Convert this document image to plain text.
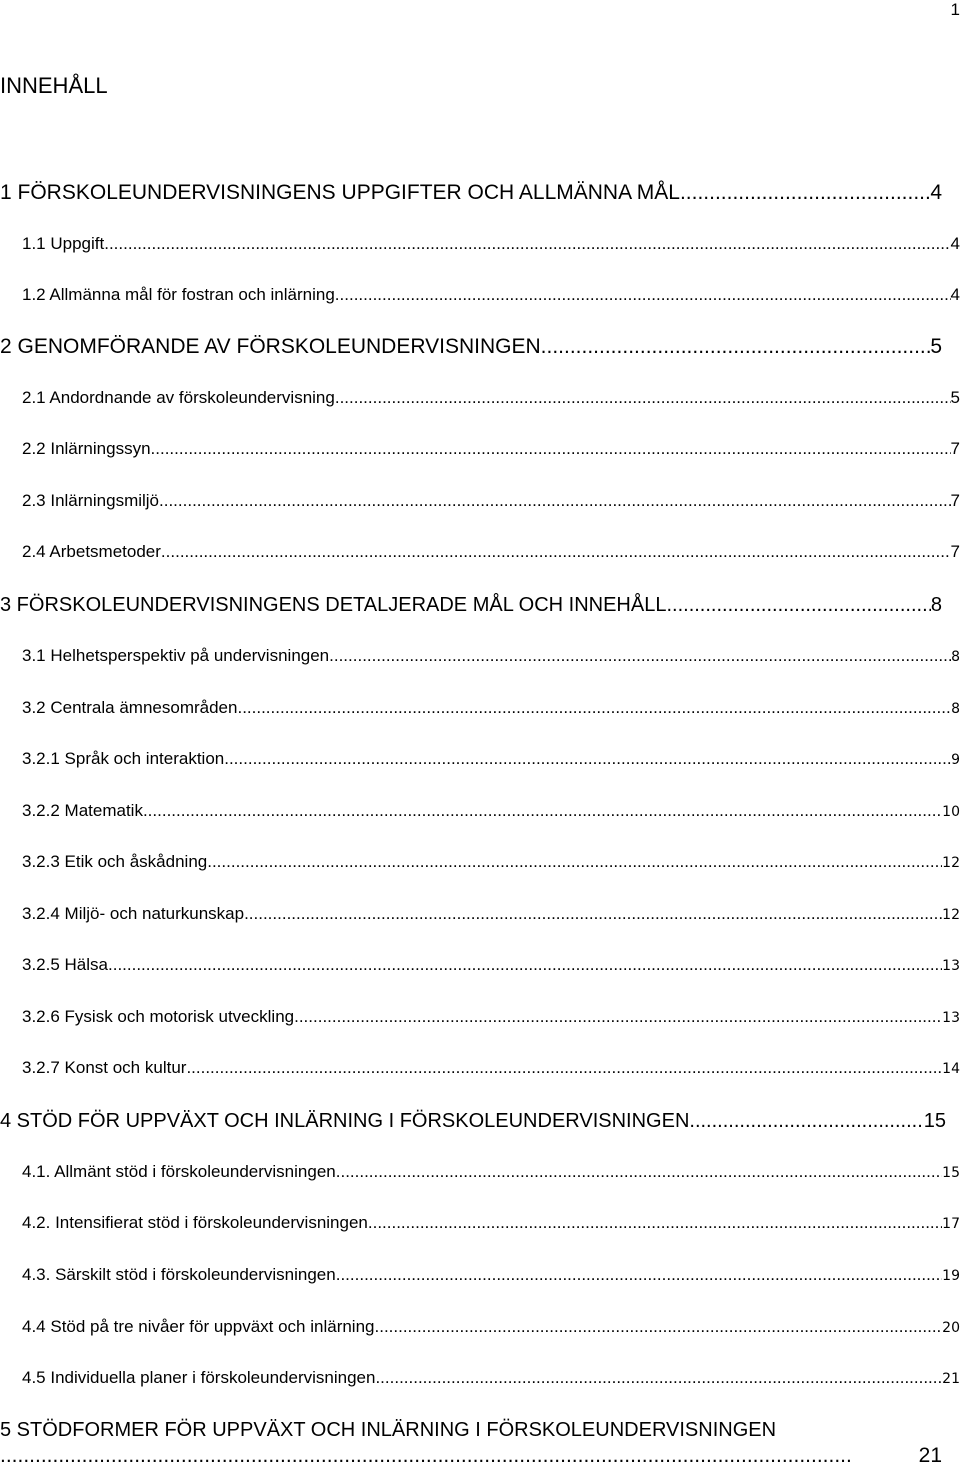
1
INNEHÅLL
1 FÖRSKOLEUNDERVISNINGENS UPPGIFTER OCH ALLMÄNNA MÅL .....	4
1.1 Uppgift .....	4
1.2 Allmänna mål för fostran och inlärning .....	4
2 GENOMFÖRANDE AV FÖRSKOLEUNDERVISNINGEN .....	5
2.1 Andordnande av förskoleundervisning .....	5
2.2 Inlärningssyn .....	7
2.3 Inlärningsmiljö .....	7
2.4 Arbetsmetoder .....	7
3 FÖRSKOLEUNDERVISNINGENS DETALJERADE MÅL OCH INNEHÅLL .....	8
3.1 Helhetsperspektiv på undervisningen .....	8
3.2 Centrala ämnesområden .....	8
3.2.1 Språk och interaktion .....	9
3.2.2 Matematik .....	10
3.2.3 Etik och åskådning .....	12
3.2.4 Miljö- och naturkunskap .....	12
3.2.5 Hälsa .....	13
3.2.6 Fysisk och motorisk utveckling .....	13
3.2.7 Konst och kultur .....	14
4 STÖD FÖR UPPVÄXT OCH INLÄRNING I FÖRSKOLEUNDERVISNINGEN .....	15
4.1. Allmänt stöd i förskoleundervisningen .....	15
4.2. Intensifierat stöd i förskoleundervisningen .....	17
4.3. Särskilt stöd i förskoleundervisningen .....	19
4.4 Stöd på tre nivåer för uppväxt och inlärning .....	20
4.5 Individuella planer i förskoleundervisningen .....	21
5 STÖDFORMER FÖR UPPVÄXT OCH INLÄRNING I FÖRSKOLEUNDERVISNINGEN
..................................................................................................................................................	21
